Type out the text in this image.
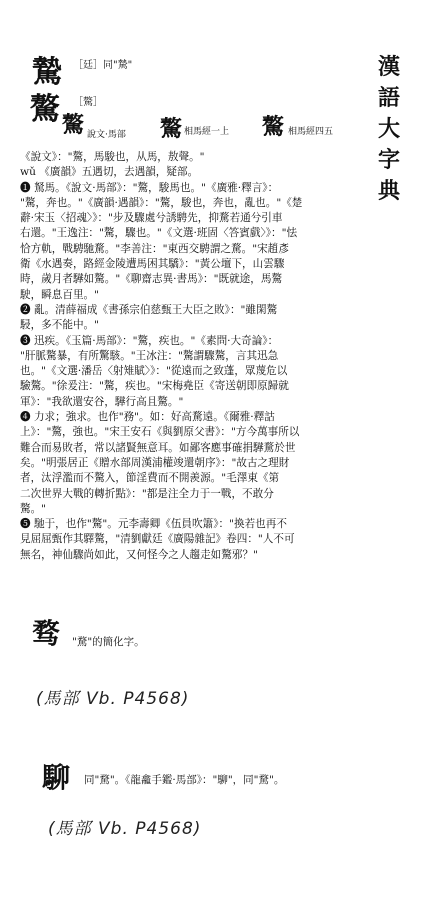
漢
語
大
字
典
騺 ［廷］同"騺"
驁 ［驁］
驁 說文·馬部 驁 相馬經一上 驁 相馬經四五
《說文》："驁，馬駿也，从馬，敖聲。"
wǔ 《廣韻》五遇切，去遇韻，疑部。
❶ 駑馬。《說文·馬部》："驁，駿馬也。"《廣雅·釋言》：
"驁，奔也。"《廣韻·遇韻》："驁，駿也，奔也，亂也。"《楚
辭·宋玉〈招魂〉》："步及驟處兮誘騁先，抑騖若通兮引車
右還。"王逸注："驁，驟也。"《文選·班固〈答賓戲〉》："怯
恰方軌，戰騁馳騖。"李善注："東西交騁謂之騖。"宋趙彥
衛《水遇奏，路經金陵遭馬困其驕》："黃公壇下，山雲驟
時，歲月者驊如驁。"《聊齋志異·書馬》："既就途，馬驁
駛，瞬息百里。"
❷ 亂。清薛福成《書孫宗伯慈甄王大臣之敗》："雖閑驁
駸，多不能中。"
❸ 迅疾。《玉篇·馬部》："驁，疾也。"《素問·大奇論》：
"肝脈驁暴，有所驚駭。"王冰注："驁謂驟驁，言其迅急
也。"《文選·潘岳〈射雉賦〉》："從遠而之致蓬，眾蔑危以
驗驁。"徐爰注："驁，疾也。"宋梅堯臣《寄送朝即原歸就
軍》："我欲還安谷，驊行高且驁。"
❹ 力求；強求。也作"務"。如：好高騖遠。《爾雅·釋詁
上》："驁，強也。"宋王安石《與劉原父書》："方今萬事所以
難合而易敗者，常以諸賢無意耳。如鄙客應事確捐驊騖於世
矣。"明張居正《贈水部周漢浦權竣還朝序》："故古之理財
者，汰浮濫而不驁入，節淫費而不開羨源。"毛澤東《第
二次世界大戰的轉折點》："都是注全力于一戰，不敢分
驁。"
❺ 馳于，也作"驁"。元李壽卿《伍員吹簫》："換若也再不
見屈屈甄作其驛驁，"清劉獻廷《廣陽雜記》卷四："人不可
無名，神仙驟尚如此，又何怪今之人趨走如驁邪？"
骛 "騖"的簡化字。
(馬部 Vb. P4568)
駠 同"騖"。《龍龕手鑑·馬部》："駠"，同"騖"。
(馬部 Vb. P4568)
